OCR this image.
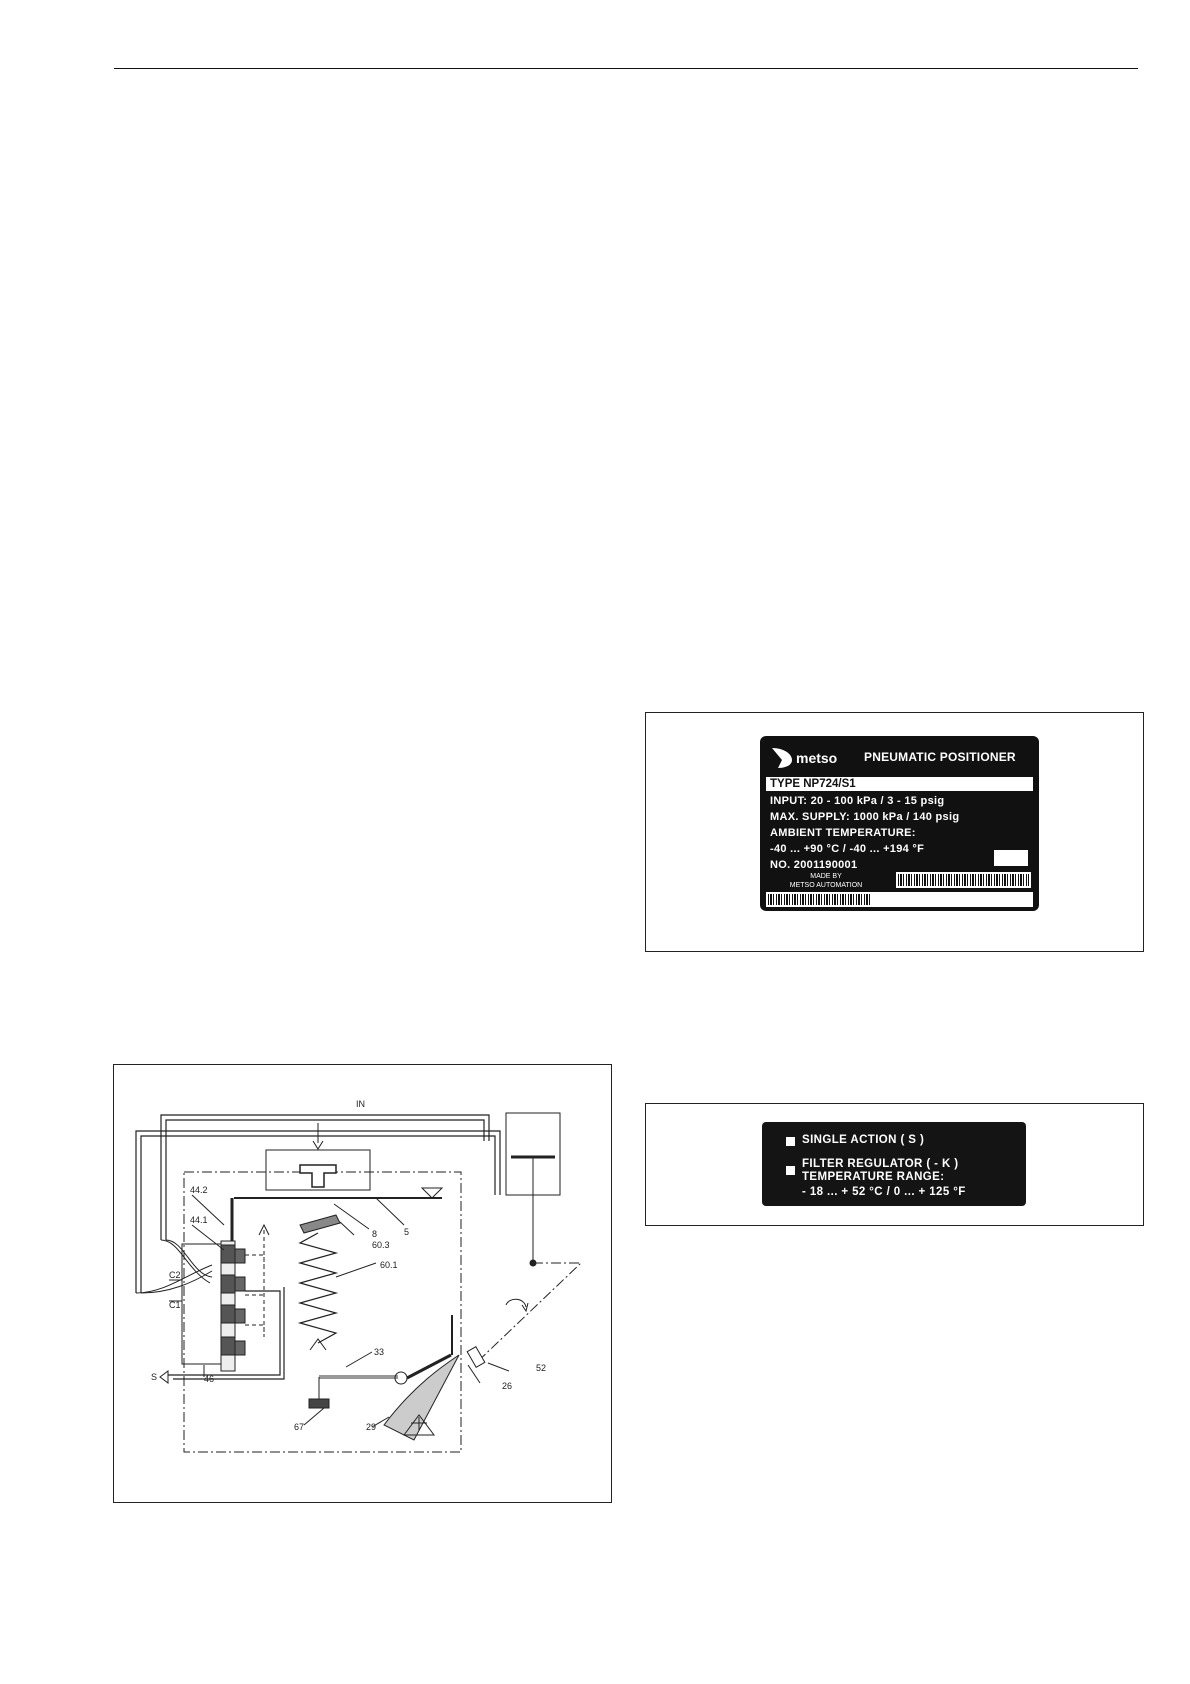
IN
44.2
44.1
8	5
60.3
60.1
C2
C1
33
52
26
46
S
67	29
metso PNEUMATIC POSITIONER
TYPE NP724/S1
INPUT: 20 - 100 kPa / 3 - 15 psig
MAX. SUPPLY: 1000 kPa / 140 psig
AMBIENT TEMPERATURE:
-40 ... +90 °C / -40 ... +194 °F
NO. 2001190001
MADE BY
METSO AUTOMATION
SINGLE ACTION ( S )
FILTER REGULATOR ( - K )
TEMPERATURE RANGE:
- 18 ... + 52 °C / 0 ... + 125 °F
